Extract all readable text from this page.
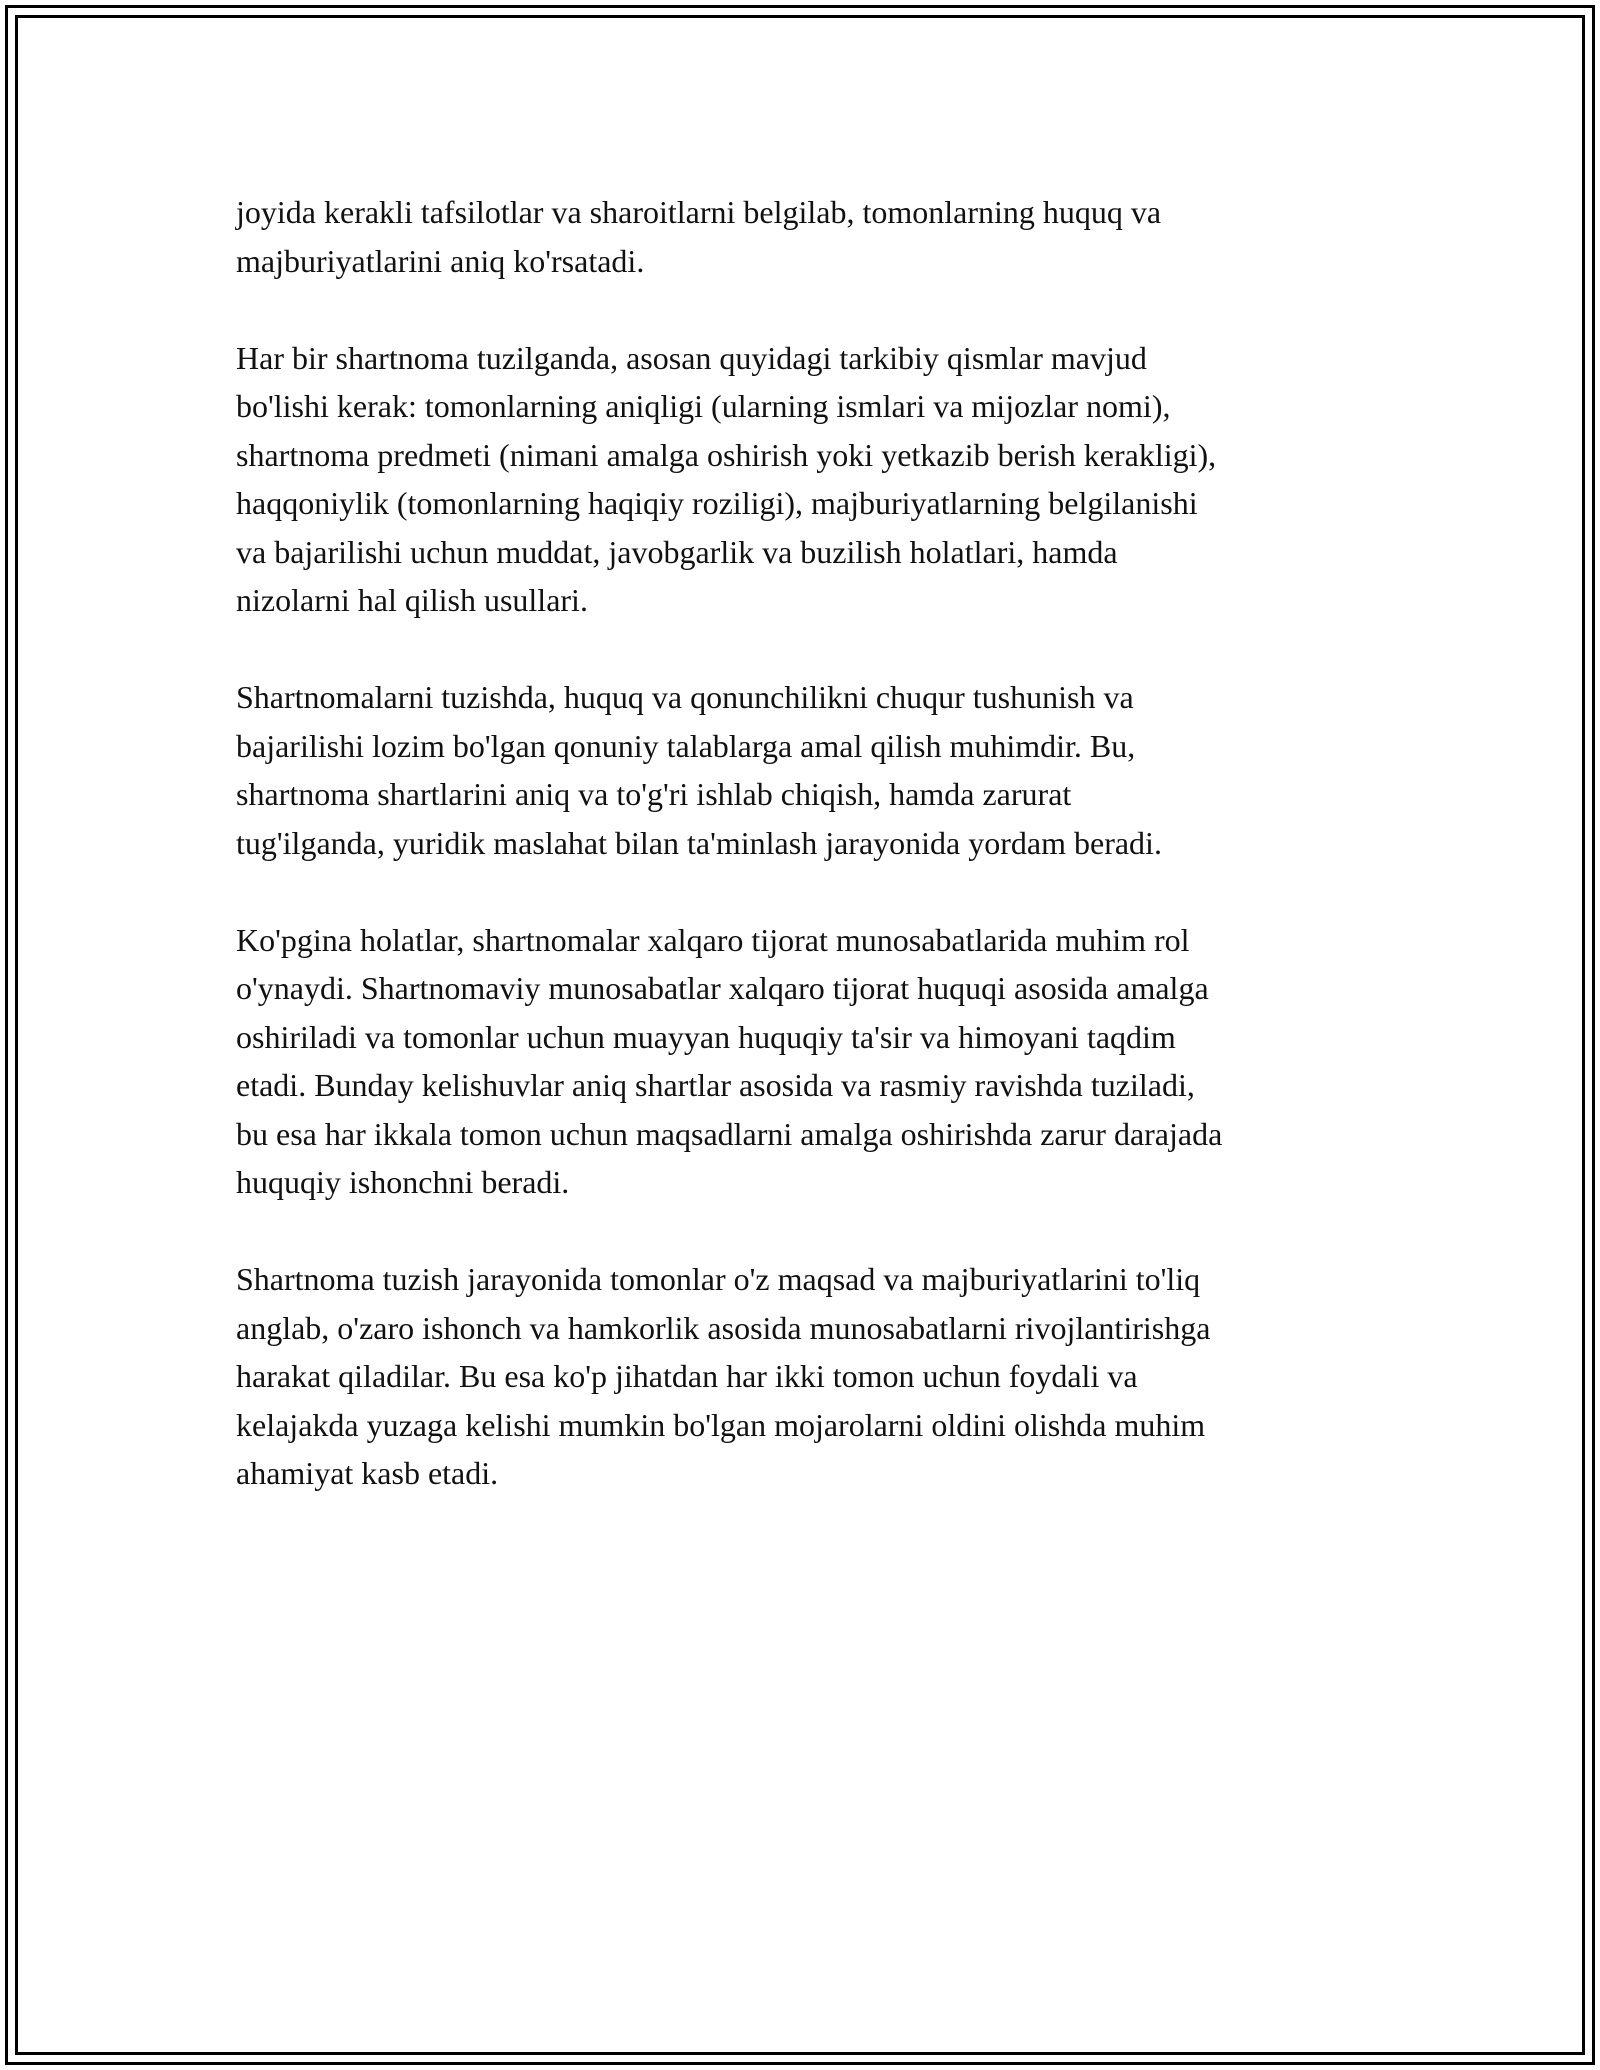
joyida kerakli tafsilotlar va sharoitlarni belgilab, tomonlarning huquq va
majburiyatlarini aniq ko'rsatadi.

Har bir shartnoma tuzilganda, asosan quyidagi tarkibiy qismlar mavjud
bo'lishi kerak: tomonlarning aniqligi (ularning ismlari va mijozlar nomi),
shartnoma predmeti (nimani amalga oshirish yoki yetkazib berish kerakligi),
haqqoniylik (tomonlarning haqiqiy roziligi), majburiyatlarning belgilanishi
va bajarilishi uchun muddat, javobgarlik va buzilish holatlari, hamda
nizolarni hal qilish usullari.

Shartnomalarni tuzishda, huquq va qonunchilikni chuqur tushunish va
bajarilishi lozim bo'lgan qonuniy talablarga amal qilish muhimdir. Bu,
shartnoma shartlarini aniq va to'g'ri ishlab chiqish, hamda zarurat
tug'ilganda, yuridik maslahat bilan ta'minlash jarayonida yordam beradi.

Ko'pgina holatlar, shartnomalar xalqaro tijorat munosabatlarida muhim rol
o'ynaydi. Shartnomaviy munosabatlar xalqaro tijorat huquqi asosida amalga
oshiriladi va tomonlar uchun muayyan huquqiy ta'sir va himoyani taqdim
etadi. Bunday kelishuvlar aniq shartlar asosida va rasmiy ravishda tuziladi,
bu esa har ikkala tomon uchun maqsadlarni amalga oshirishda zarur darajada
huquqiy ishonchni beradi.

Shartnoma tuzish jarayonida tomonlar o'z maqsad va majburiyatlarini to'liq
anglab, o'zaro ishonch va hamkorlik asosida munosabatlarni rivojlantirishga
harakat qiladilar. Bu esa ko'p jihatdan har ikki tomon uchun foydali va
kelajakda yuzaga kelishi mumkin bo'lgan mojarolarni oldini olishda muhim
ahamiyat kasb etadi.
